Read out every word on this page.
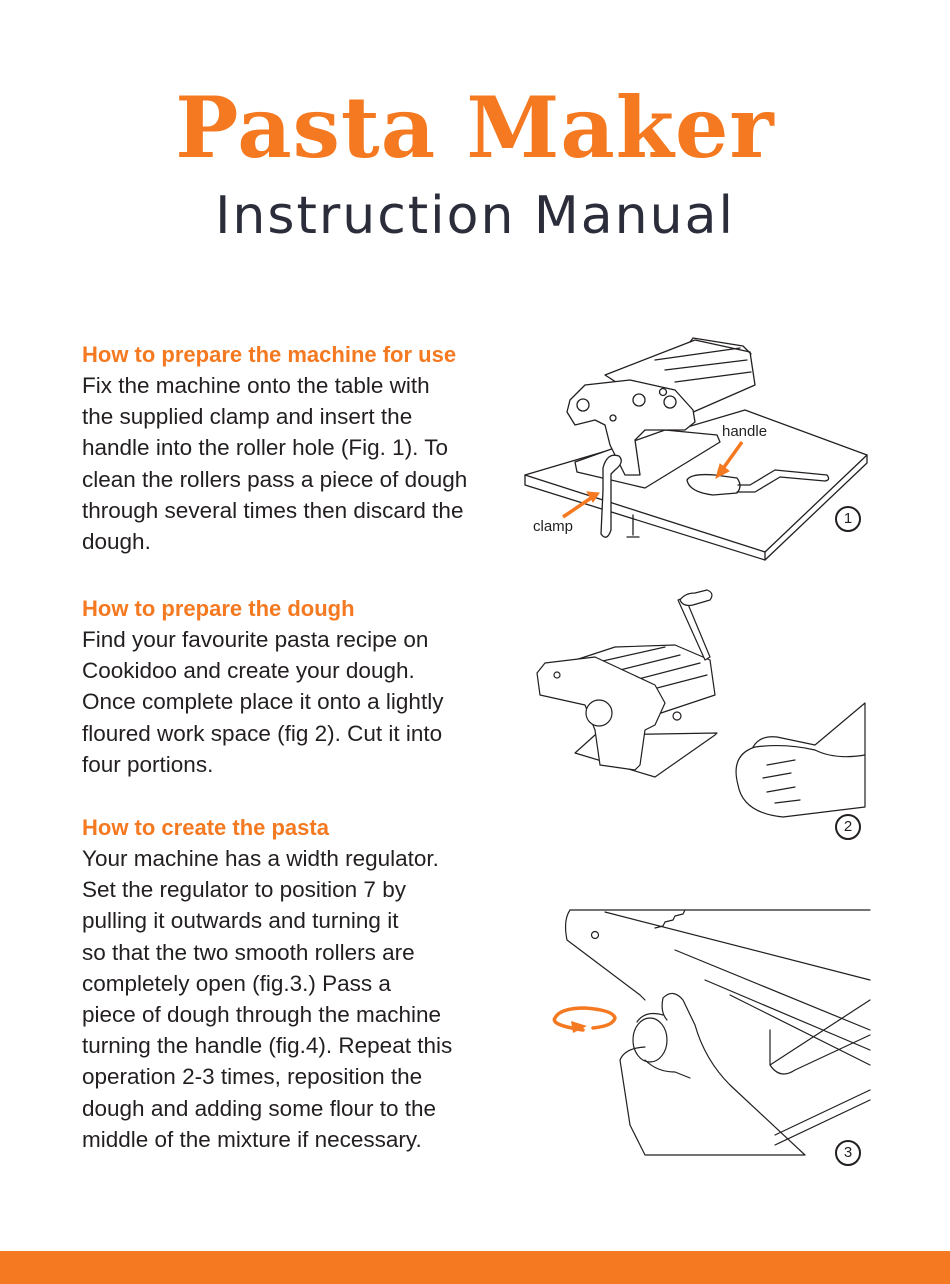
Pasta Maker
Instruction Manual
How to prepare the machine for use
Fix the machine onto the table with
the supplied clamp and insert the
handle into the roller hole (Fig. 1). To
clean the rollers pass a piece of dough
through several times then discard the
dough.
How to prepare the dough
Find your favourite pasta recipe on
Cookidoo and create your dough.
Once complete place it onto a lightly
floured work space (fig 2). Cut it into
four portions.
How to create the pasta
Your machine has a width regulator.
Set the regulator to position 7 by
pulling it outwards and turning it
so that the two smooth rollers are
completely open (fig.3.) Pass a
piece of dough through the machine
turning the handle (fig.4). Repeat this
operation 2-3 times, reposition the
dough and adding some flour to the
middle of the mixture if necessary.
handle
clamp	1
2
3
